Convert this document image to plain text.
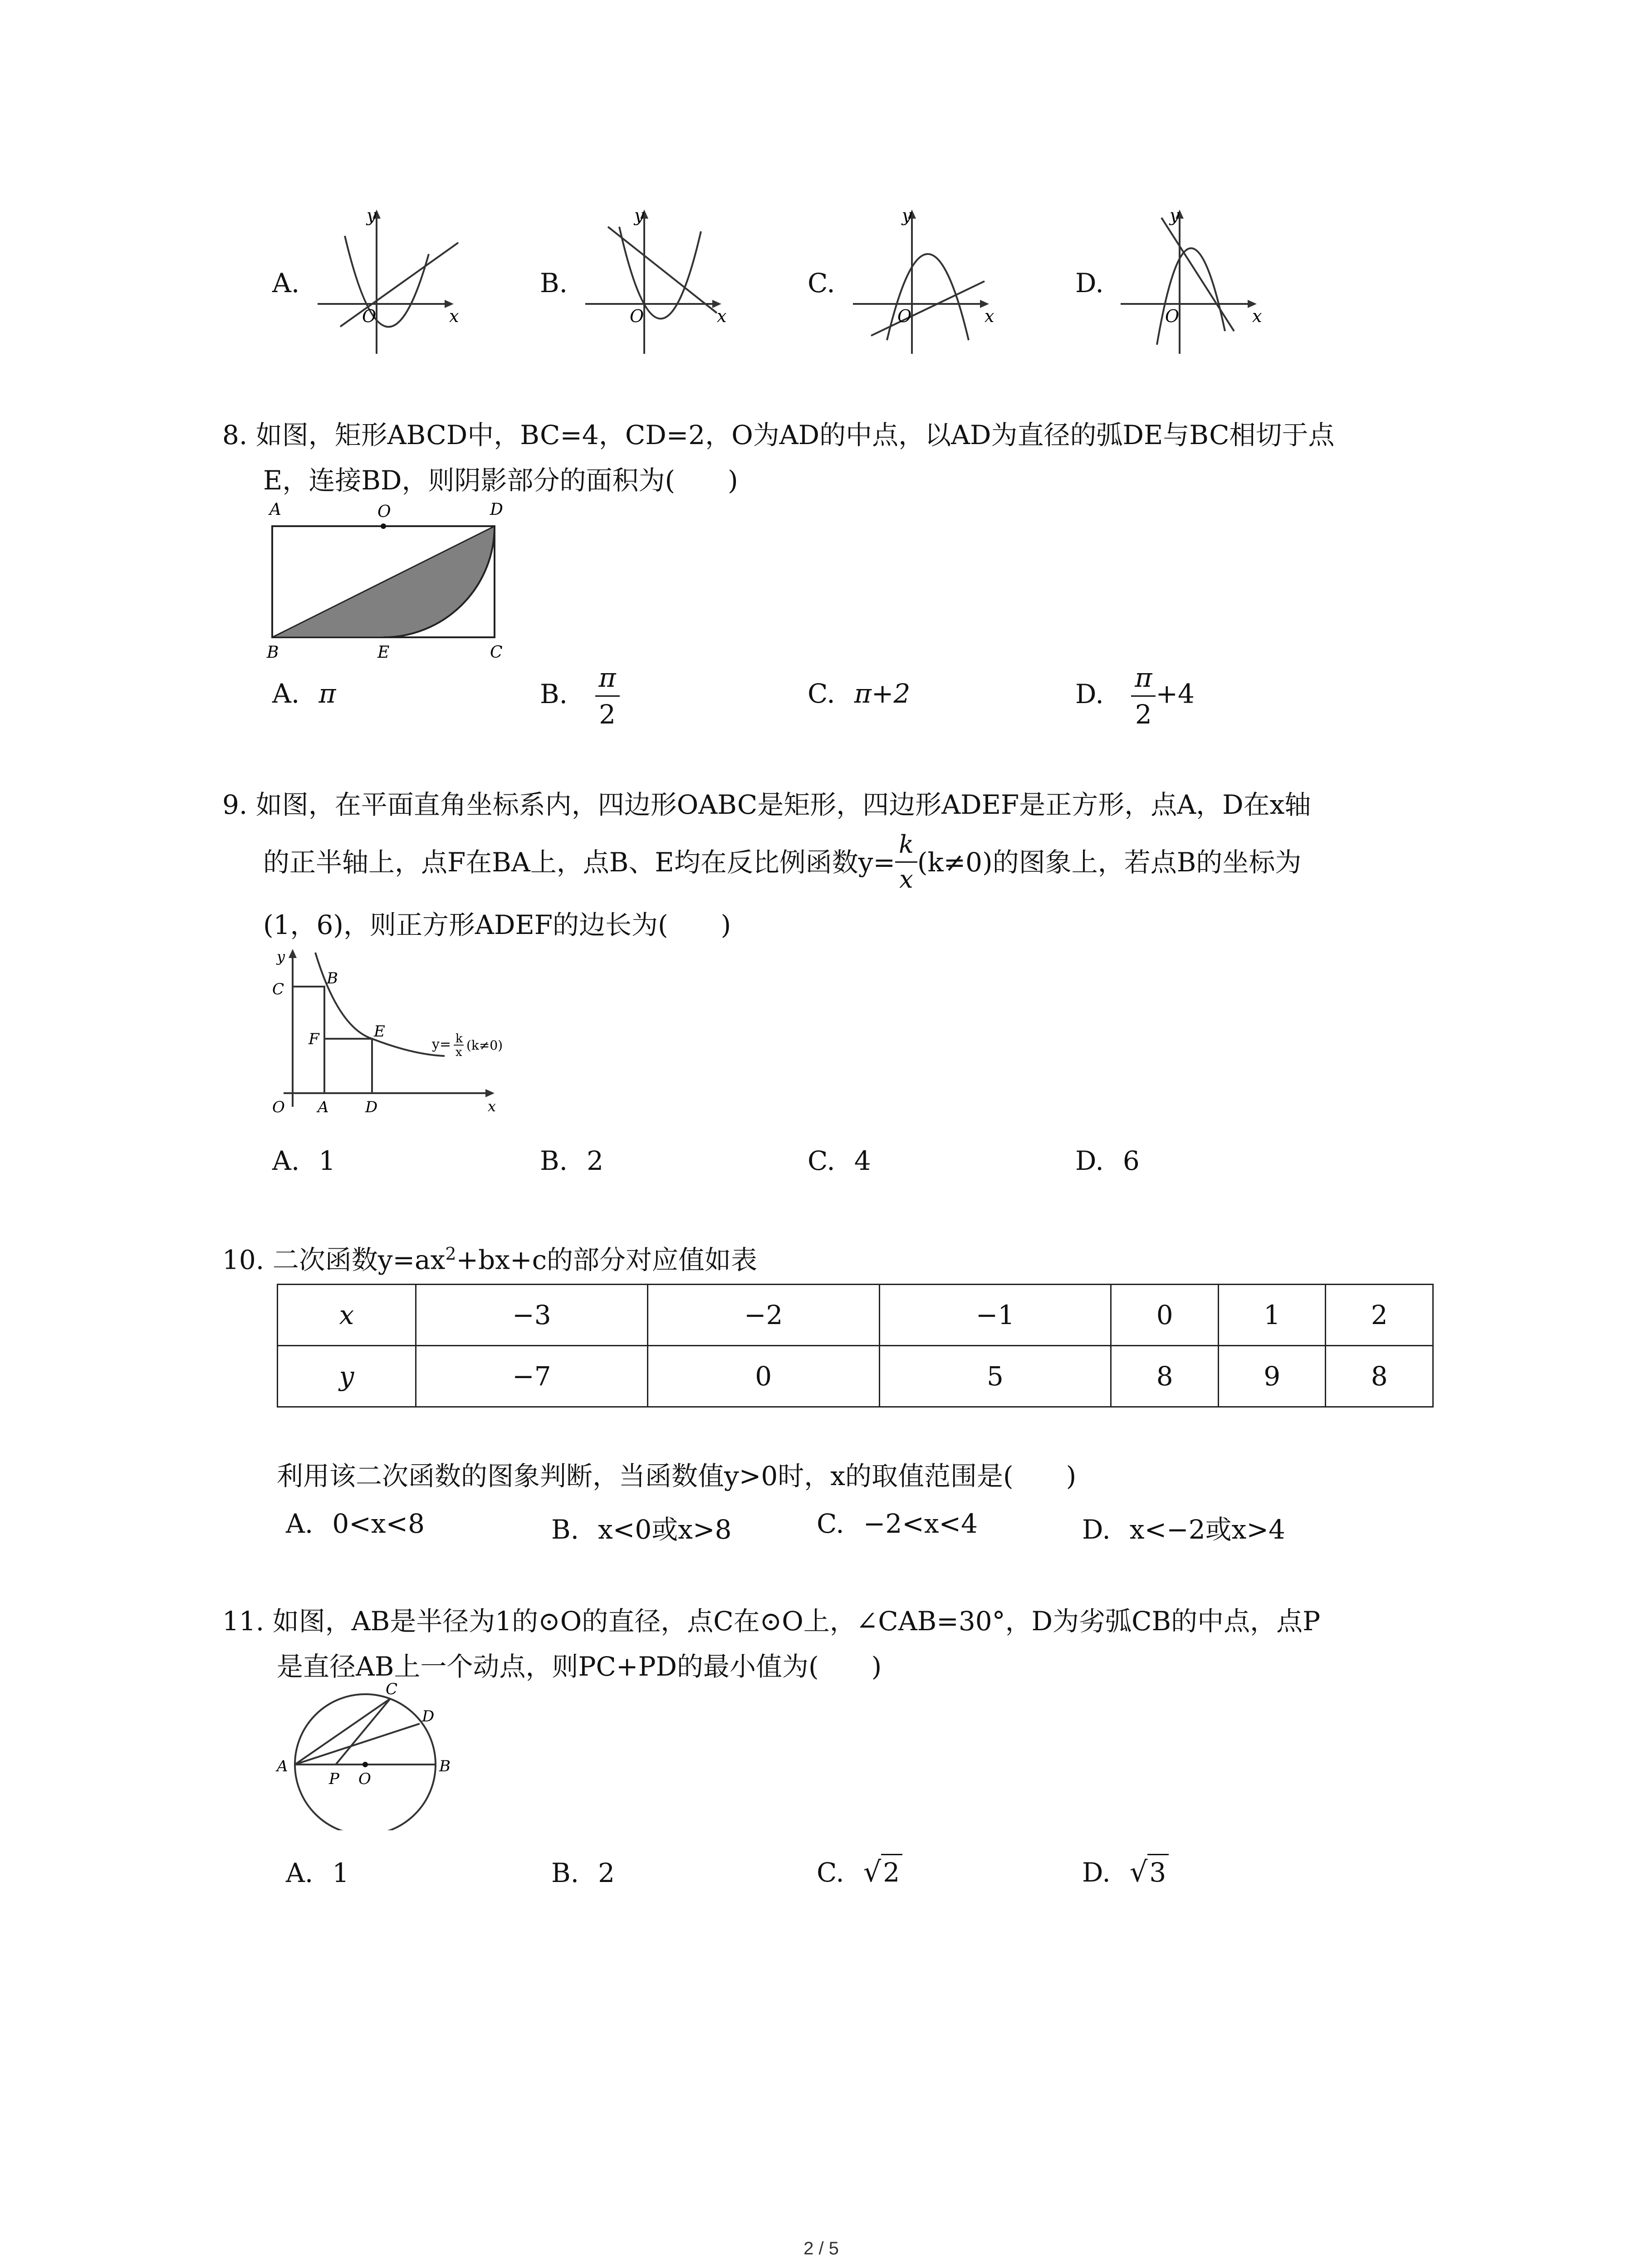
A.
y
x
O
B.
y
x
O
C.
y
x
O
D.
y
x
O
8. 如图，矩形ABCD中，BC=4，CD=2，O为AD的中点，以AD为直径的弧DE与BC相切于点
E，连接BD，则阴影部分的面积为(　　)
A	O	D
B	E	C
A. π	B. $\frac{\pi}{2}$	C. π+2	D. $\frac{\pi}{2} +4$
9. 如图，在平面直角坐标系内，四边形OABC是矩形，四边形ADEF是正方形，点A，D在x轴
的正半轴上，点F在BA上，点B、E均在反比例函数$y= \frac{k}{x} (k\ne 0)$的图象上，若点B的坐标为
(1，6)，则正方形ADEF的边长为(　　)
y
x
C
B
F	E
O A D
y= k
x (k≠0)
A. 1	B. 2	C. 4	D. 6
10. 二次函数$y=ax^2+bx+c$的部分对应值如表
x	−3	−2	−1	0	1	2
y	−7	0	5	8	9	8
利用该二次函数的图象判断，当函数值y>0时，x的取值范围是(　　)
A. 0<x<8	B. x<0或x>8	C. −2<x<4	D. x<−2或x>4
11. 如图，AB是半径为1的⊙O的直径，点C在⊙O上，∠CAB=30°，D为劣弧CB的中点，点P
是直径AB上一个动点，则PC+PD的最小值为(　　)
A	B
C
D
P O
A. 1	B. 2	C. √2	D. √3
2 / 5
